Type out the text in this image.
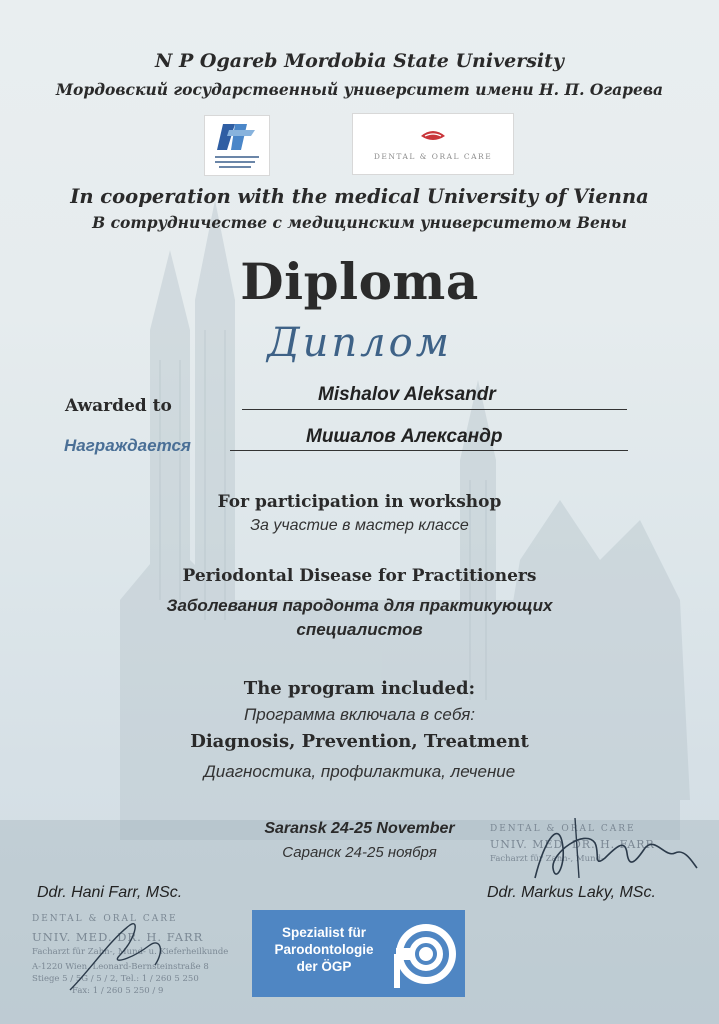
N P Ogareb Mordobia State University
Мордовский государственный университет имени Н. П. Огарева
DENTAL & ORAL CARE
In cooperation with the medical University of Vienna
В сотрудничестве с медицинским университетом Вены
Diploma
Диплом
Awarded to
Mishalov Aleksandr
Награждается	Мишалов Александр
For participation in workshop
За участие в мастер классе
Periodontal Disease for Practitioners
Заболевания пародонта для практикующих
специалистов
The program included:
Программа включала в себя:
Diagnosis, Prevention, Treatment
Диагностика, профилактика, лечение
Saransk 24-25 November
Саранск 24-25 ноября
DENTAL & ORAL CARE
UNIV. MED. DR. H. FARR
Facharzt für Zahn-, Mund-
Ddr. Hani Farr, MSc.	Ddr. Markus Laky, MSc.
DENTAL & ORAL CARE
UNIV. MED. DR. H. FARR
Facharzt für Zahn-, Mund- u. Kieferheilkunde
A-1220 Wien, Leonard-Bernsteinstraße 8
Stiege 5 / 5G / 5 / 2, Tel.: 1 / 260 5 250
Fax: 1 / 260 5 250 / 9
Spezialist für
Parodontologie
der ÖGP
